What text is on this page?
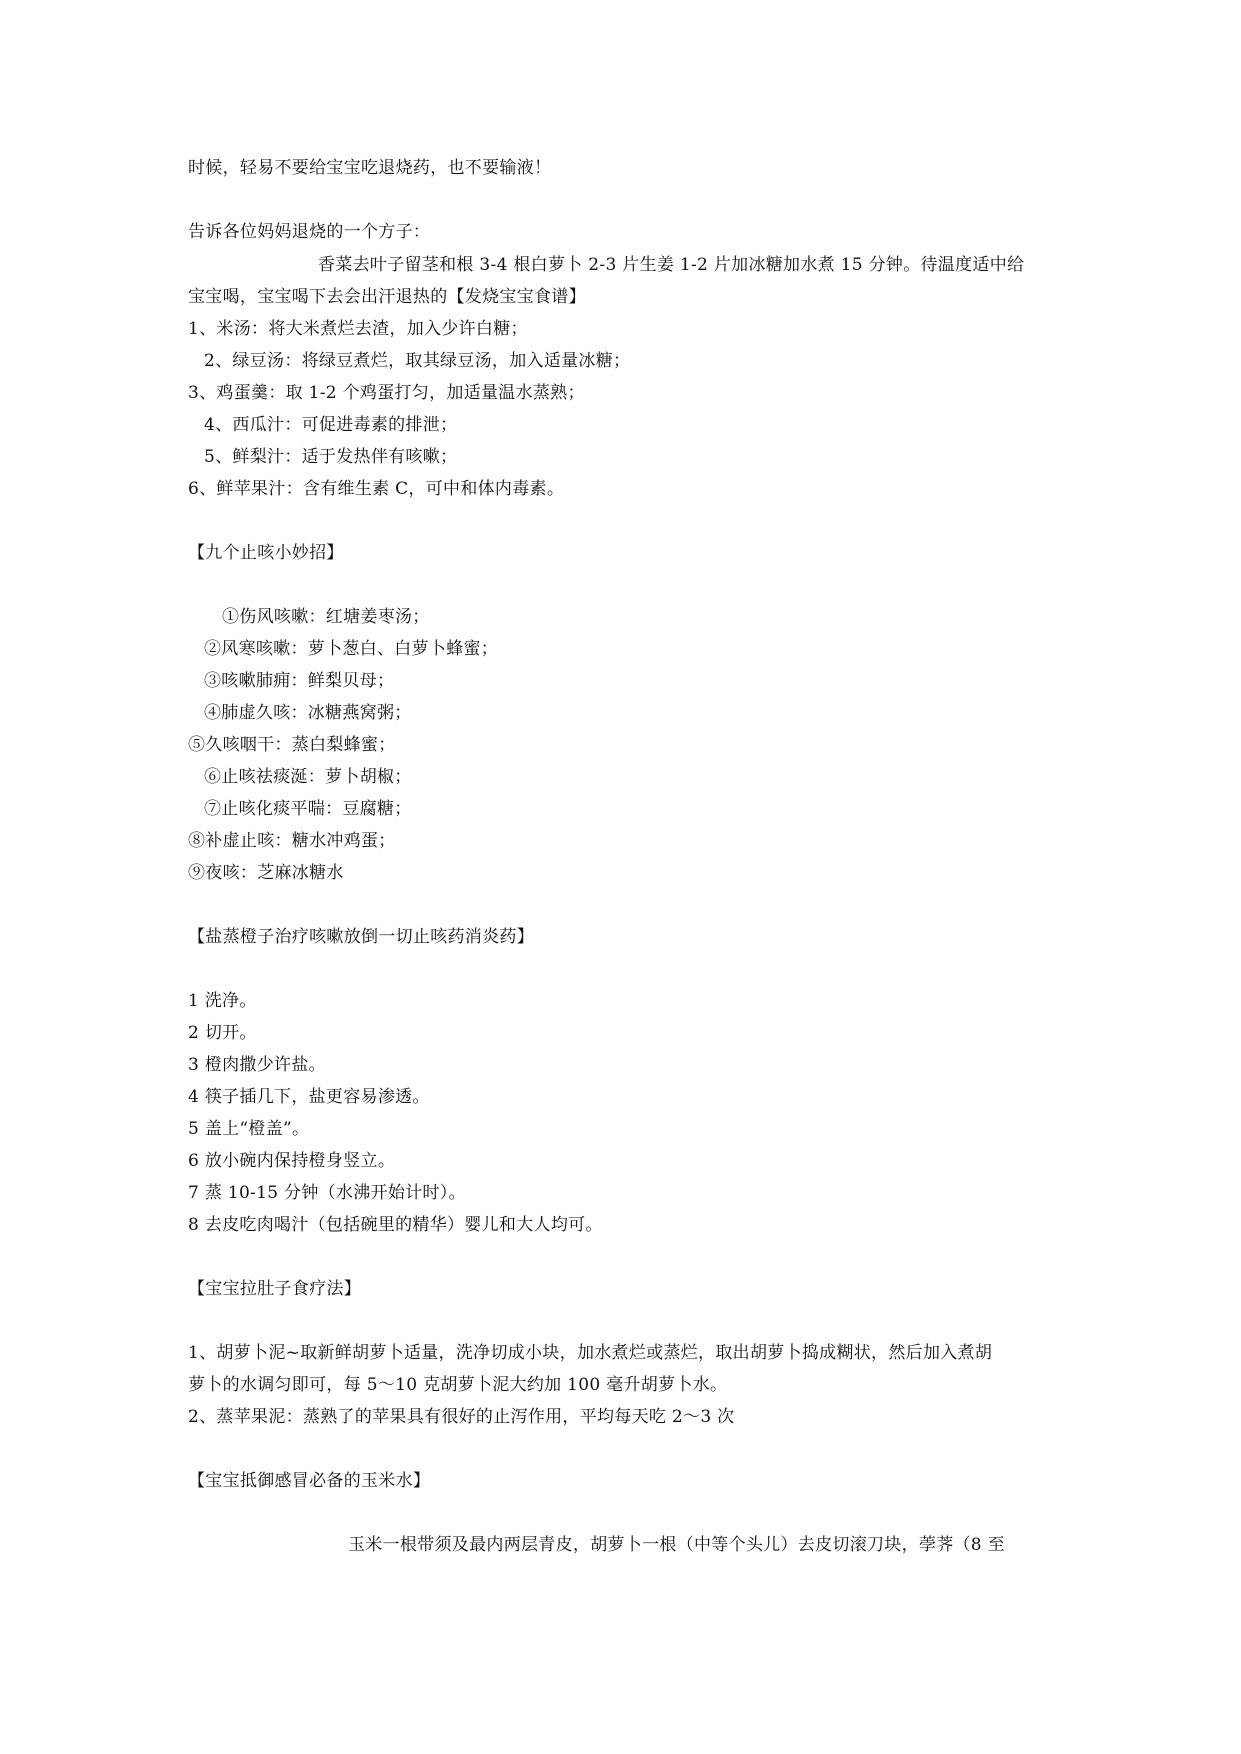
时候，轻易不要给宝宝吃退烧药，也不要输液！
告诉各位妈妈退烧的一个方子：
香菜去叶子留茎和根 3-4 根白萝卜 2-3 片生姜 1-2 片加冰糖加水煮 15 分钟。待温度适中给
宝宝喝，宝宝喝下去会出汗退热的【发烧宝宝食谱】
1、米汤：将大米煮烂去渣，加入少许白糖；
2、绿豆汤：将绿豆煮烂，取其绿豆汤，加入适量冰糖；
3、鸡蛋羹：取 1-2 个鸡蛋打匀，加适量温水蒸熟；
4、西瓜汁：可促进毒素的排泄；
5、鲜梨汁：适于发热伴有咳嗽；
6、鲜苹果汁：含有维生素 C，可中和体内毒素。
【九个止咳小妙招】
①伤风咳嗽：红塘姜枣汤；
②风寒咳嗽：萝卜葱白、白萝卜蜂蜜；
③咳嗽肺痈：鲜梨贝母；
④肺虚久咳：冰糖燕窝粥；
⑤久咳咽干：蒸白梨蜂蜜；
⑥止咳祛痰涎：萝卜胡椒；
⑦止咳化痰平喘：豆腐糖；
⑧补虚止咳：糖水冲鸡蛋；
⑨夜咳：芝麻冰糖水
【盐蒸橙子治疗咳嗽放倒一切止咳药消炎药】
1 洗净。
2 切开。
3 橙肉撒少许盐。
4 筷子插几下，盐更容易渗透。
5 盖上“橙盖”。
6 放小碗内保持橙身竖立。
7 蒸 10-15 分钟（水沸开始计时）。
8 去皮吃肉喝汁（包括碗里的精华）婴儿和大人均可。
【宝宝拉肚子食疗法】
1、胡萝卜泥~取新鲜胡萝卜适量，洗净切成小块，加水煮烂或蒸烂，取出胡萝卜捣成糊状，然后加入煮胡
萝卜的水调匀即可，每 5～10 克胡萝卜泥大约加 100 毫升胡萝卜水。
2、蒸苹果泥：蒸熟了的苹果具有很好的止泻作用，平均每天吃 2～3 次
【宝宝抵御感冒必备的玉米水】
玉米一根带须及最内两层青皮，胡萝卜一根（中等个头儿）去皮切滚刀块，荸荠（8 至
